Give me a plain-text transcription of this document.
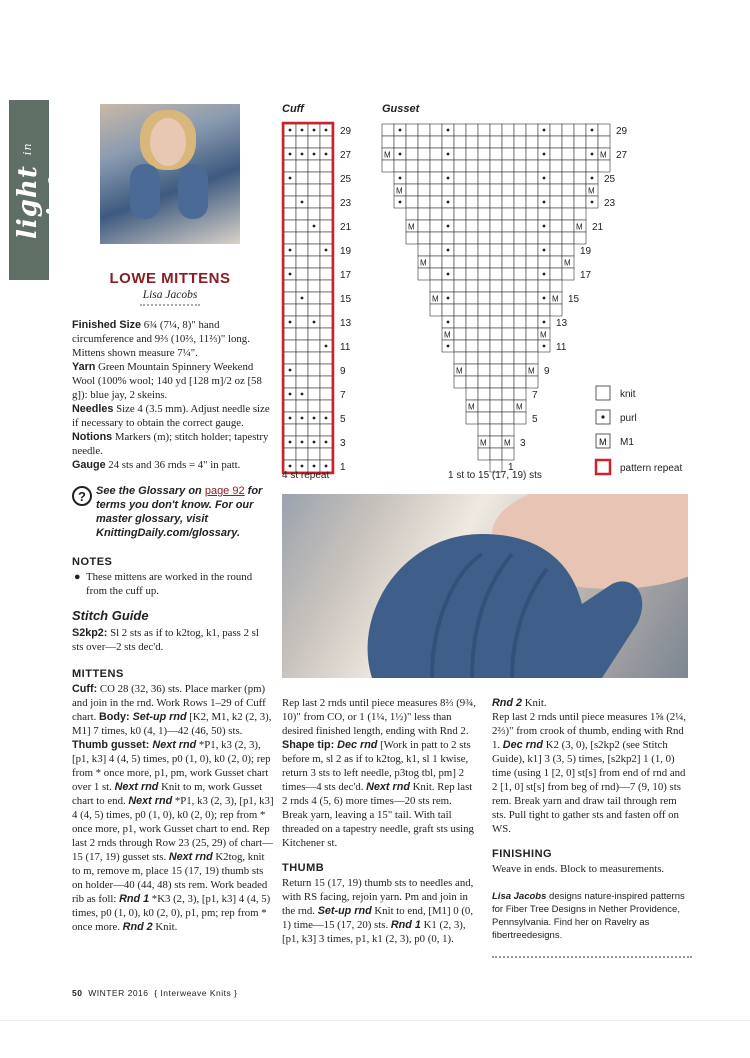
light in winter
LOWE MITTENS
Lisa Jacobs
Finished Size 6¾ (7¼, 8)" hand circumference and 9⅔ (10⅔, 11⅔)" long. Mittens shown measure 7¼".
Yarn Green Mountain Spinnery Weekend Wool (100% wool; 140 yd [128 m]/2 oz [58 g]): blue jay, 2 skeins.
Needles Size 4 (3.5 mm). Adjust needle size if necessary to obtain the correct gauge.
Notions Markers (m); stitch holder; tapestry needle.
Gauge 24 sts and 36 rnds = 4" in patt.
? See the Glossary on page 92 for terms you don't know. For our master glossary, visit KnittingDaily.com/glossary.
NOTES
● These mittens are worked in the round from the cuff up.
Stitch Guide
S2kp2: Sl 2 sts as if to k2tog, k1, pass 2 sl sts over—2 sts dec'd.
MITTENS
Cuff: CO 28 (32, 36) sts. Place marker (pm) and join in the rnd. Work Rows 1–29 of Cuff chart. Body: Set-up rnd [K2, M1, k2 (2, 3), M1] 7 times, k0 (4, 1)—42 (46, 50) sts. Thumb gusset: Next rnd *P1, k3 (2, 3), [p1, k3] 4 (4, 5) times, p0 (1, 0), k0 (2, 0); rep from * once more, p1, pm, work Gusset chart over 1 st. Next rnd Knit to m, work Gusset chart to end. Next rnd *P1, k3 (2, 3), [p1, k3] 4 (4, 5) times, p0 (1, 0), k0 (2, 0); rep from * once more, p1, work Gusset chart to end. Rep last 2 rnds through Row 23 (25, 29) of chart—15 (17, 19) gusset sts. Next rnd K2tog, knit to m, remove m, place 15 (17, 19) thumb sts on holder—40 (44, 48) sts rem. Work beaded rib as foll: Rnd 1 *K3 (2, 3), [p1, k3] 4 (4, 5) times, p0 (1, 0), k0 (2, 0), p1, pm; rep from * once more. Rnd 2 Knit.
Rep last 2 rnds until piece measures 8⅔ (9¾, 10)" from CO, or 1 (1¼, 1½)" less than desired finished length, ending with Rnd 2. Shape tip: Dec rnd [Work in patt to 2 sts before m, sl 2 as if to k2tog, k1, sl 1 kwise, return 3 sts to left needle, p3tog tbl, pm] 2 times—4 sts dec'd. Next rnd Knit. Rep last 2 rnds 4 (5, 6) more times—20 sts rem. Break yarn, leaving a 15" tail. With tail threaded on a tapestry needle, graft sts using Kitchener st.
THUMB
Return 15 (17, 19) thumb sts to needles and, with RS facing, rejoin yarn. Pm and join in the rnd. Set-up rnd Knit to end, [M1] 0 (0, 1) time—15 (17, 20) sts. Rnd 1 K1 (2, 3), [p1, k3] 3 times, p1, k1 (2, 3), p0 (0, 1).
Rnd 2 Knit.
Rep last 2 rnds until piece measures 1⅝ (2¼, 2⅔)" from crook of thumb, ending with Rnd 1. Dec rnd K2 (3, 0), [s2kp2 (see Stitch Guide), k1] 3 (3, 5) times, [s2kp2] 1 (1, 0) time (using 1 [2, 0] st[s] from end of rnd and 2 [1, 0] st[s] from beg of rnd)—7 (9, 10) sts rem. Break yarn and draw tail through rem sts. Pull tight to gather sts and fasten off on WS.
FINISHING
Weave in ends. Block to measurements.
Lisa Jacobs designs nature-inspired patterns for Fiber Tree Designs in Nether Providence, Pennsylvania. Find her on Ravelry as fibertreedesigns.
29
27
25
23
21
19
17
15
13
11
9
7
5
3
1
M	M
M	M
M	M
M	M
M	M
M	M
M	M
M	M
M M
29
27
25
23
21
19
17
15
13
11
9
7
5
3
1
knit
purl
M M1
pattern repeat
Cuff	Gusset
4 st repeat	1 st to 15 (17, 19) sts
50 WINTER 2016 { Interweave Knits }
